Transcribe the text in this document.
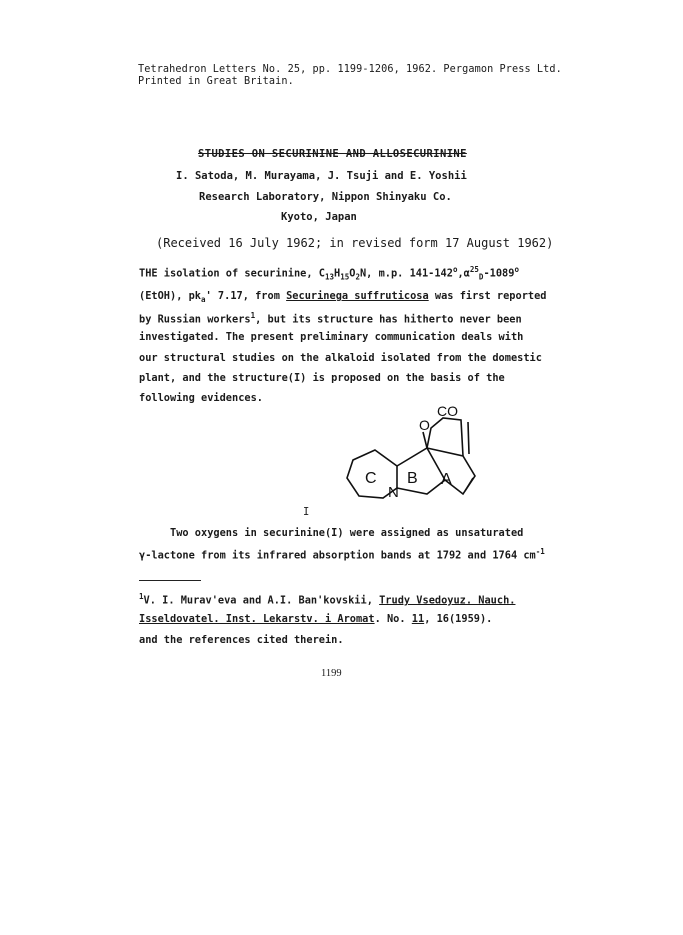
Tetrahedron Letters No. 25, pp. 1199-1206, 1962. Pergamon Press Ltd.
Printed in Great Britain.
STUDIES ON SECURININE AND ALLOSECURININE
I. Satoda, M. Murayama, J. Tsuji and E. Yoshii
Research Laboratory, Nippon Shinyaku Co.
Kyoto, Japan
(Received 16 July 1962; in revised form 17 August 1962)
THE isolation of securinine, $C_{13}H_{15}O_2N$, m.p. $141-142^o,\alpha^{25}_D-1089^o$
(EtOH), $pk_a'$ 7.17, from Securinega suffruticosa was first reported
by Russian workers$^1$, but its structure has hitherto never been
investigated. The present preliminary communication deals with
our structural studies on the alkaloid isolated from the domestic
plant, and the structure(I) is proposed on the basis of the
following evidences.
O
CO
C B A
N
I
Two oxygens in securinine(I) were assigned as unsaturated
γ-lactone from its infrared absorption bands at 1792 and 1764 $cm^{-1}$
$^1$V. I. Murav'eva and A.I. Ban'kovskii, Trudy Vsedoyuz. Nauch.
Isseldovatel. Inst. Lekarstv. i Aromat. No. 11, 16(1959).
and the references cited therein.
1199
